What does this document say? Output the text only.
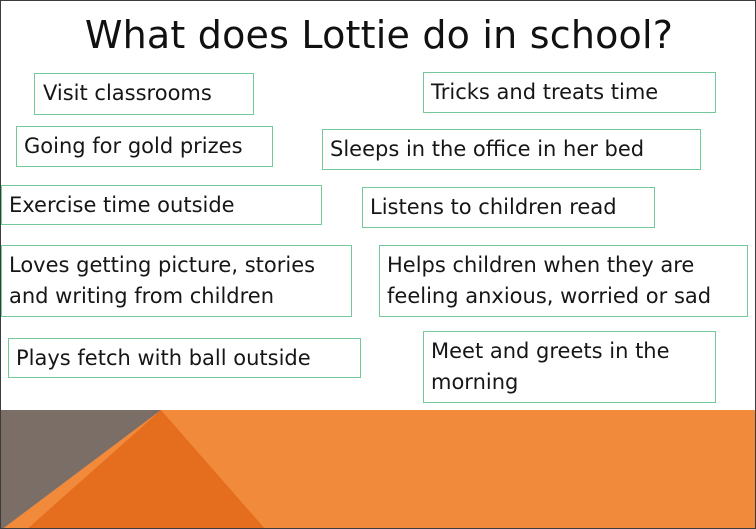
What does Lottie do in school?
Visit classrooms	Tricks and treats time
Going for gold prizes	Sleeps in the office in her bed
Exercise time outside	Listens to children read
Loves getting picture, stories and writing from children
Helps children when they are feeling anxious, worried or sad
Plays fetch with ball outside	Meet and greets in the morning
